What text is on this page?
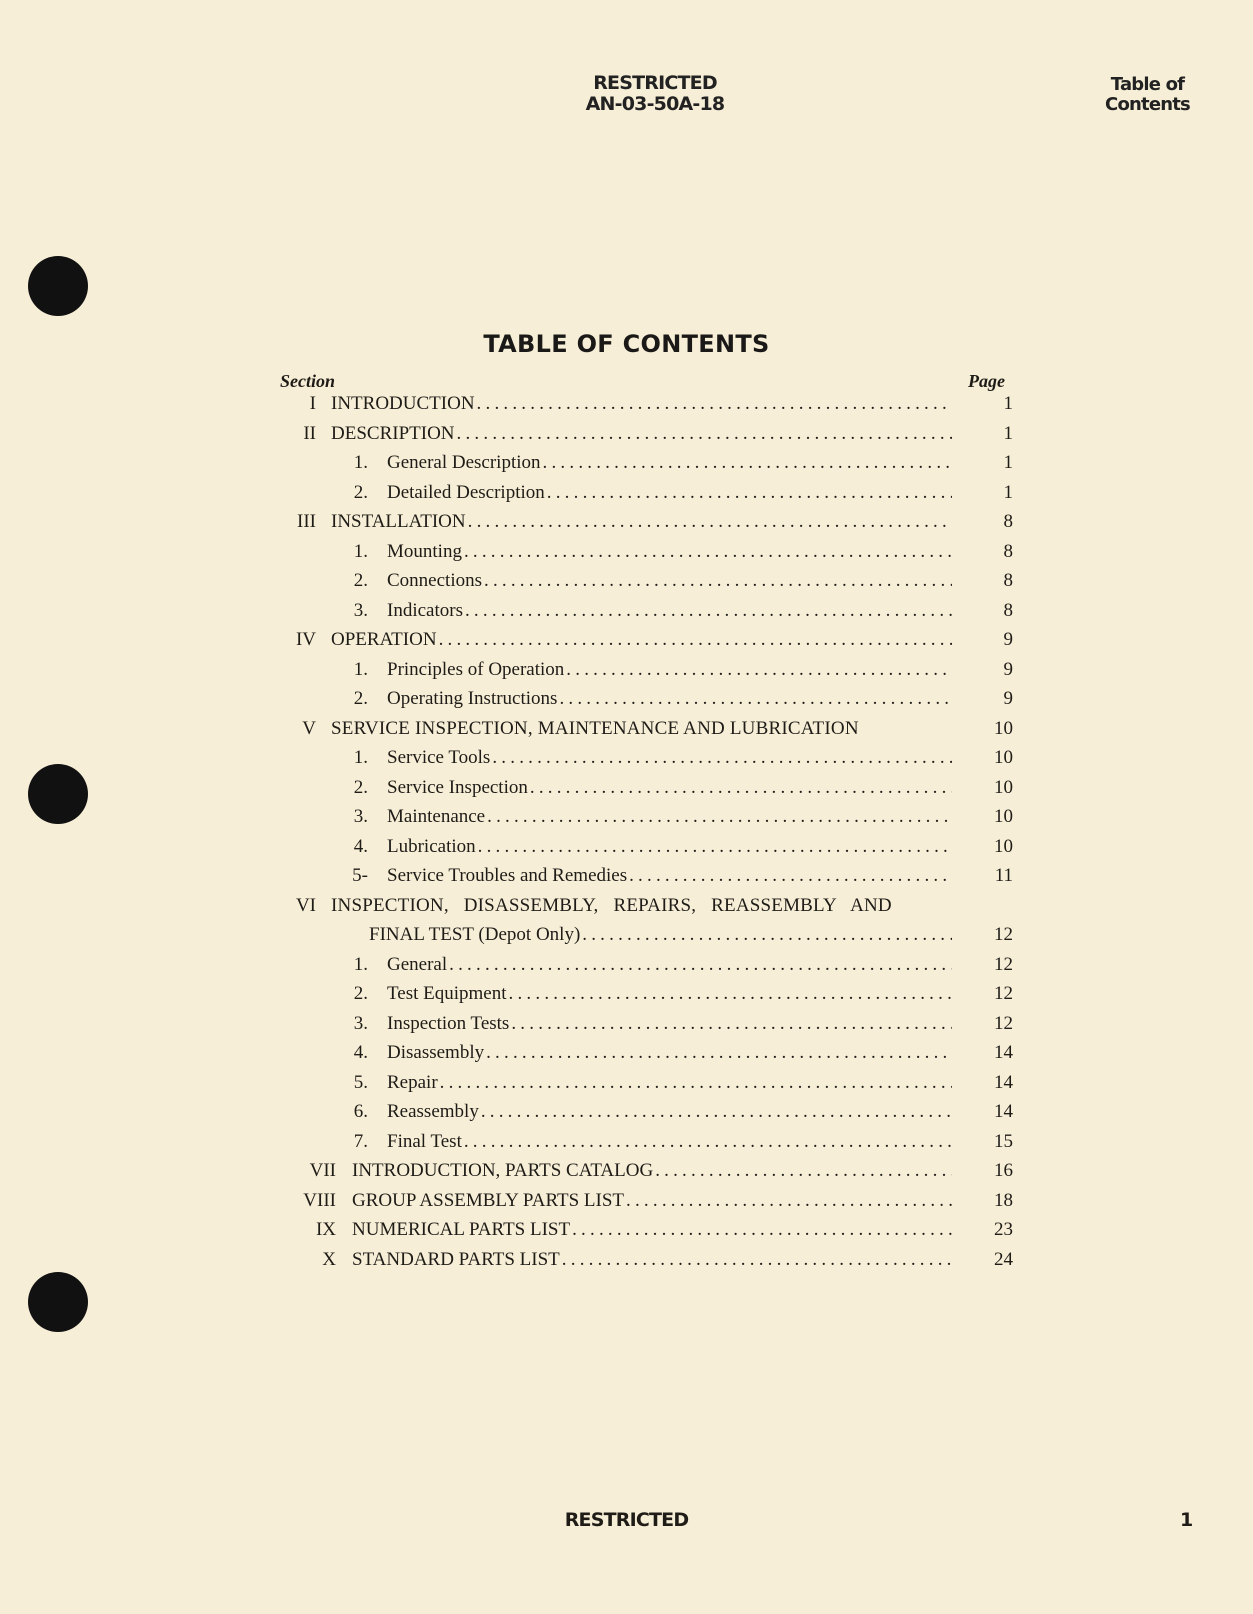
RESTRICTED
AN-03-50A-18
Table of
Contents
TABLE OF CONTENTS
Section	Page
I INTRODUCTION .....	1
II DESCRIPTION .....	1
1. General Description .....	1
2. Detailed Description .....	1
III INSTALLATION .....	8
1. Mounting .....	8
2. Connections .....	8
3. Indicators .....	8
IV OPERATION .....	9
1. Principles of Operation .....	9
2. Operating Instructions .....	9
V SERVICE INSPECTION, MAINTENANCE AND LUBRICATION	10
1. Service Tools .....	10
2. Service Inspection .....	10
3. Maintenance .....	10
4. Lubrication .....	10
5- Service Troubles and Remedies .....	11
VI INSPECTION, DISASSEMBLY, REPAIRS, REASSEMBLY AND
FINAL TEST (Depot Only) .....	12
1. General .....	12
2. Test Equipment .....	12
3. Inspection Tests .....	12
4. Disassembly .....	14
5. Repair .....	14
6. Reassembly .....	14
7. Final Test .....	15
VII INTRODUCTION, PARTS CATALOG .....	16
VIII GROUP ASSEMBLY PARTS LIST .....	18
IX NUMERICAL PARTS LIST .....	23
X STANDARD PARTS LIST .....	24
RESTRICTED	1
